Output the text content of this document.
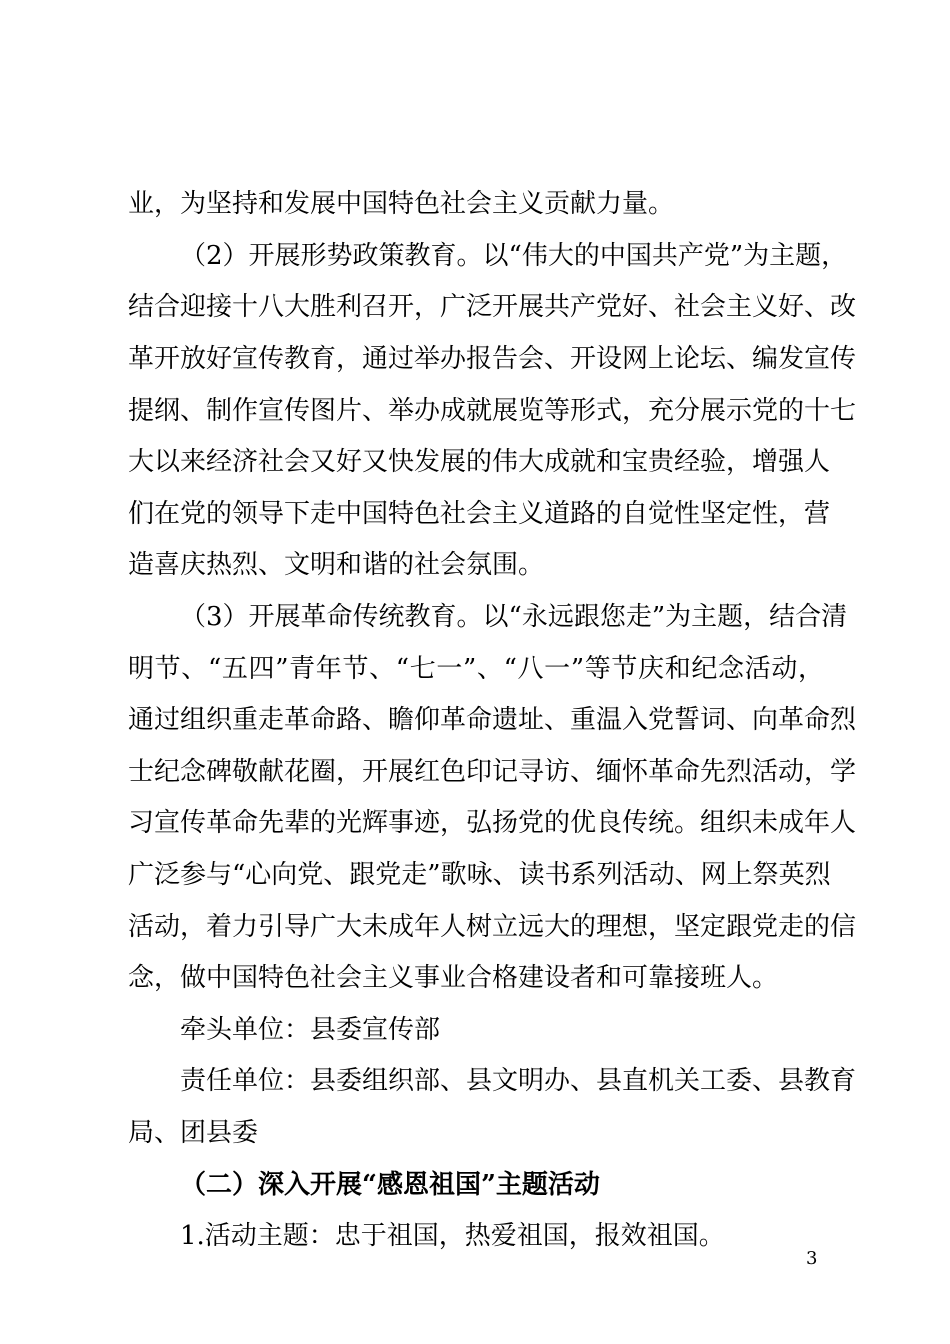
业，为坚持和发展中国特色社会主义贡献力量。
（2）开展形势政策教育。以“伟大的中国共产党”为主题，
结合迎接十八大胜利召开，广泛开展共产党好、社会主义好、改
革开放好宣传教育，通过举办报告会、开设网上论坛、编发宣传
提纲、制作宣传图片、举办成就展览等形式，充分展示党的十七
大以来经济社会又好又快发展的伟大成就和宝贵经验，增强人
们在党的领导下走中国特色社会主义道路的自觉性坚定性，营
造喜庆热烈、文明和谐的社会氛围。
（3）开展革命传统教育。以“永远跟您走”为主题，结合清
明节、“五四”青年节、“七一”、“八一”等节庆和纪念活动，
通过组织重走革命路、瞻仰革命遗址、重温入党誓词、向革命烈
士纪念碑敬献花圈，开展红色印记寻访、缅怀革命先烈活动，学
习宣传革命先辈的光辉事迹，弘扬党的优良传统。组织未成年人
广泛参与“心向党、跟党走”歌咏、读书系列活动、网上祭英烈
活动，着力引导广大未成年人树立远大的理想，坚定跟党走的信
念，做中国特色社会主义事业合格建设者和可靠接班人。
牵头单位：县委宣传部
责任单位：县委组织部、县文明办、县直机关工委、县教育
局、团县委
（二）深入开展“感恩祖国”主题活动
1.活动主题：忠于祖国，热爱祖国，报效祖国。
3
